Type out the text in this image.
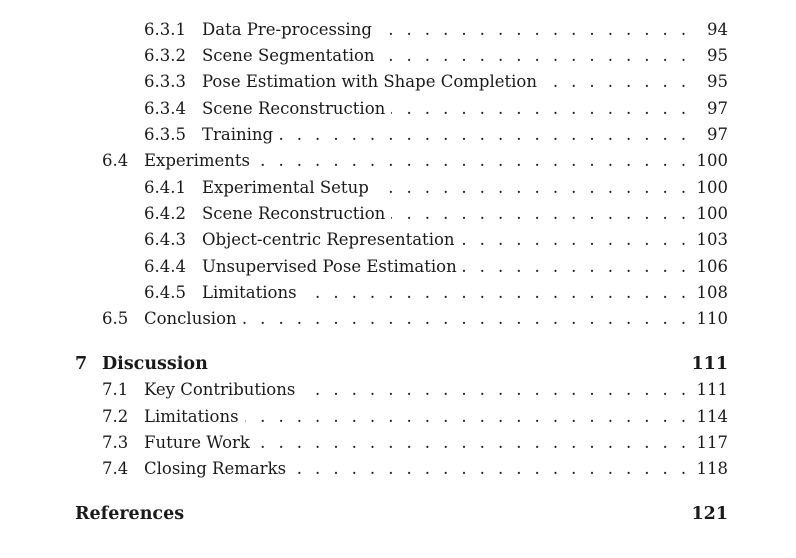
6.3.1 Data Pre-processing . . .	94
6.3.2 Scene Segmentation . . .	95
6.3.3 Pose Estimation with Shape Completion . . .	95
6.3.4 Scene Reconstruction . . .	97
6.3.5 Training . . .	97
6.4 Experiments . . .	100
6.4.1 Experimental Setup . . .	100
6.4.2 Scene Reconstruction . . .	100
6.4.3 Object-centric Representation . . .	103
6.4.4 Unsupervised Pose Estimation . . .	106
6.4.5 Limitations . . .	108
6.5 Conclusion . . .	110
7 Discussion	111
7.1 Key Contributions . . .	111
7.2 Limitations . . .	114
7.3 Future Work . . .	117
7.4 Closing Remarks . . .	118
References	121
